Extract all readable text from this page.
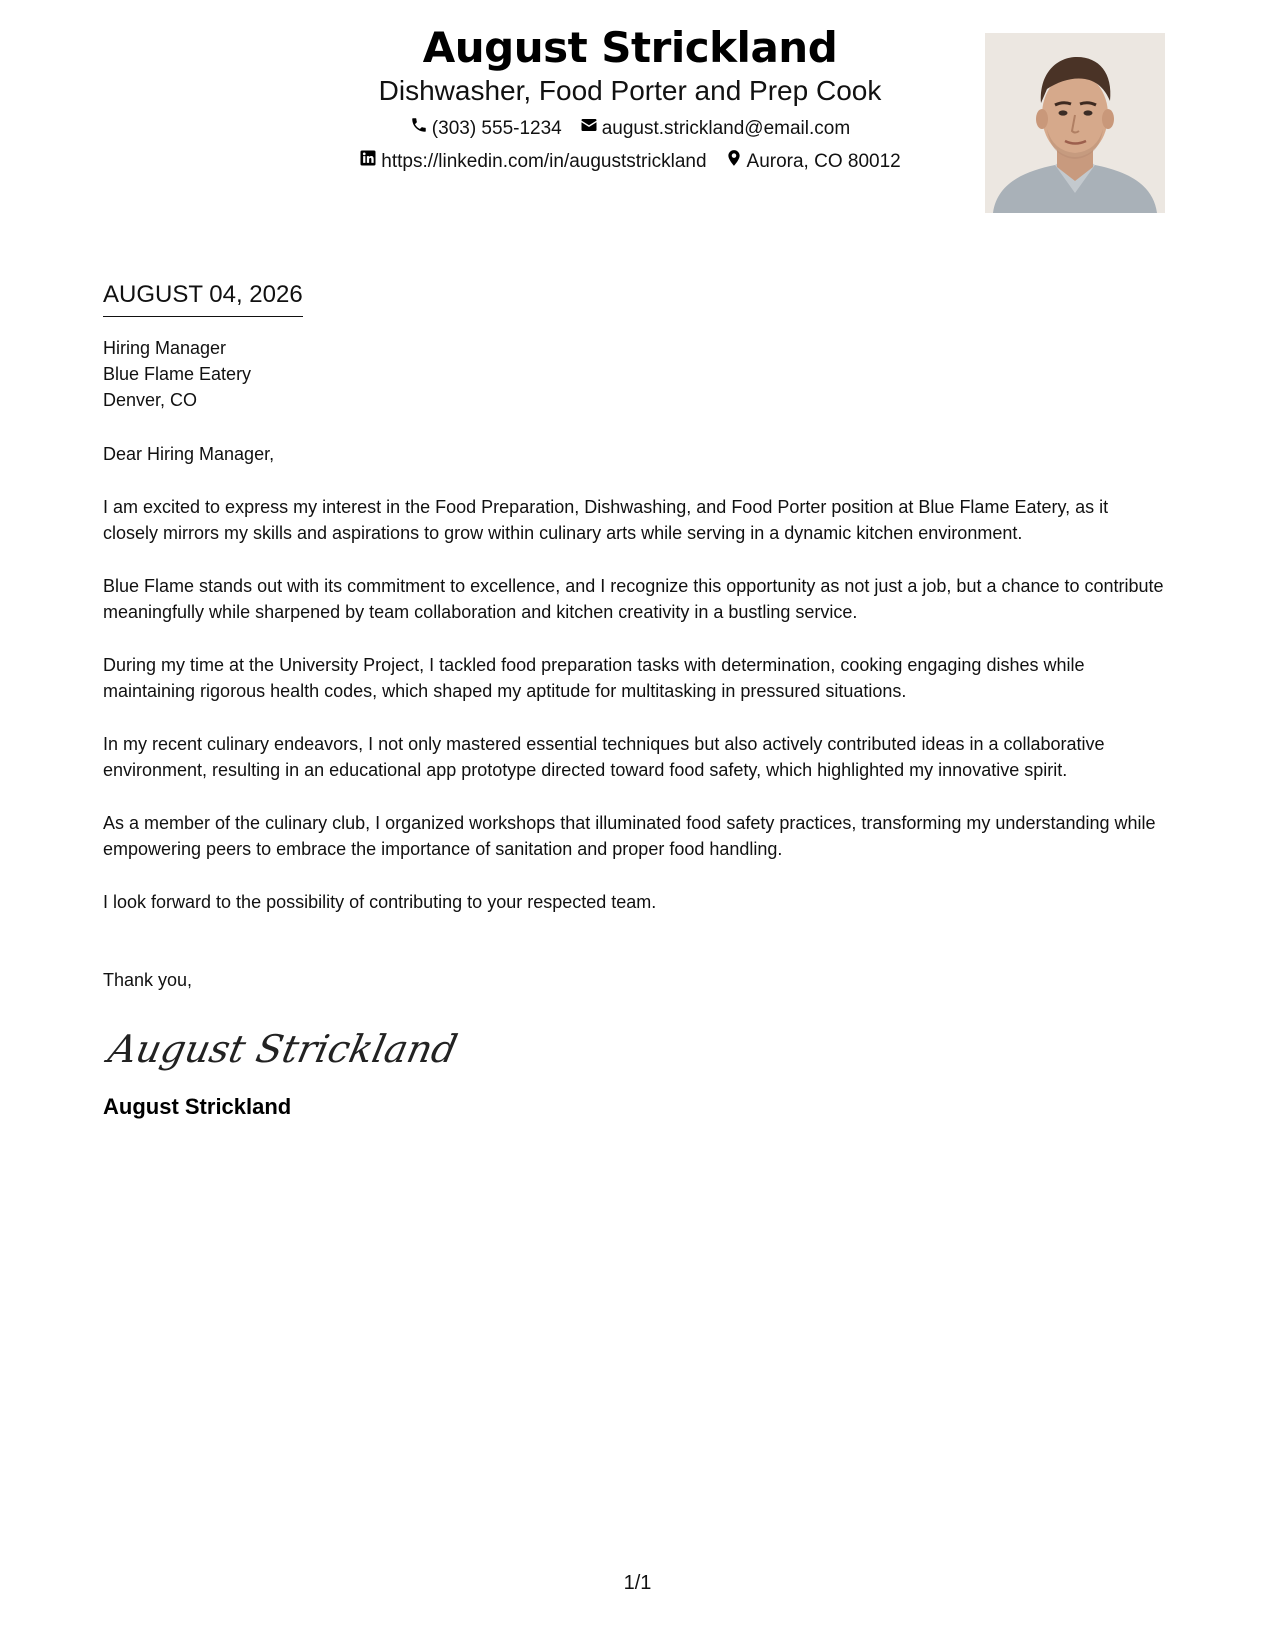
August Strickland
Dishwasher, Food Porter and Prep Cook
(303) 555-1234 august.strickland@email.com
https://linkedin.com/in/auguststrickland Aurora, CO 80012
AUGUST 04, 2026
Hiring Manager
Blue Flame Eatery
Denver, CO
Dear Hiring Manager,
I am excited to express my interest in the Food Preparation, Dishwashing, and Food Porter position at Blue Flame Eatery, as it closely mirrors my skills and aspirations to grow within culinary arts while serving in a dynamic kitchen environment.
Blue Flame stands out with its commitment to excellence, and I recognize this opportunity as not just a job, but a chance to contribute meaningfully while sharpened by team collaboration and kitchen creativity in a bustling service.
During my time at the University Project, I tackled food preparation tasks with determination, cooking engaging dishes while maintaining rigorous health codes, which shaped my aptitude for multitasking in pressured situations.
In my recent culinary endeavors, I not only mastered essential techniques but also actively contributed ideas in a collaborative environment, resulting in an educational app prototype directed toward food safety, which highlighted my innovative spirit.
As a member of the culinary club, I organized workshops that illuminated food safety practices, transforming my understanding while empowering peers to embrace the importance of sanitation and proper food handling.
I look forward to the possibility of contributing to your respected team.
Thank you,
August Strickland
August Strickland
1/1
